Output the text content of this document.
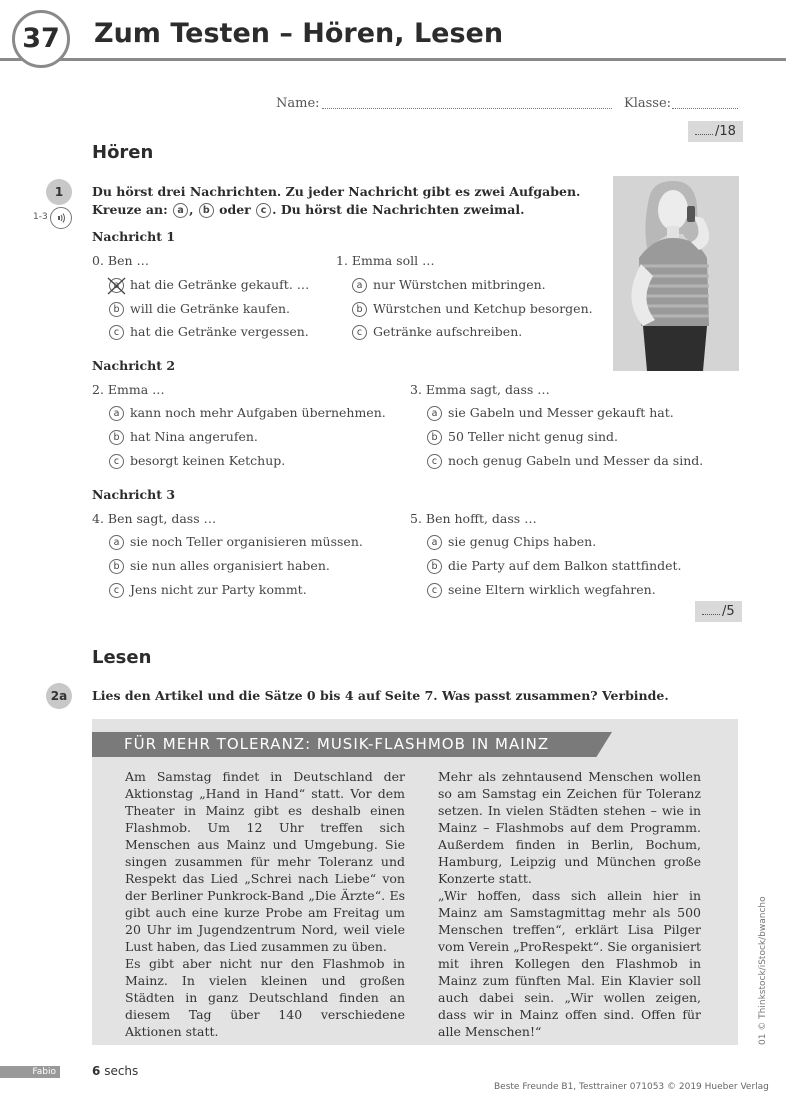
37	Zum Testen – Hören, Lesen
Name:	Klasse:
/18
Hören
1
1-3
Du hörst drei Nachrichten. Zu jeder Nachricht gibt es zwei Aufgaben.
Kreuze an: a , b oder c . Du hörst die Nachrichten zweimal.
Nachricht 1
0. Ben …
a hat die Getränke gekauft. …
b will die Getränke kaufen.
c hat die Getränke vergessen.
1. Emma soll …
a nur Würstchen mitbringen.
b Würstchen und Ketchup besorgen.
c Getränke aufschreiben.
Nachricht 2
2. Emma …
a kann noch mehr Aufgaben übernehmen.
b hat Nina angerufen.
c besorgt keinen Ketchup.
3. Emma sagt, dass …
a sie Gabeln und Messer gekauft hat.
b 50 Teller nicht genug sind.
c noch genug Gabeln und Messer da sind.
Nachricht 3
4. Ben sagt, dass …
a sie noch Teller organisieren müssen.
b sie nun alles organisiert haben.
c Jens nicht zur Party kommt.
5. Ben hofft, dass …
a sie genug Chips haben.
b die Party auf dem Balkon stattfindet.
c seine Eltern wirklich wegfahren.
/5
Lesen
2a	Lies den Artikel und die Sätze 0 bis 4 auf Seite 7. Was passt zusammen? Verbinde.
FÜR MEHR TOLERANZ: MUSIK-FLASHMOB IN MAINZ

Am Samstag findet in Deutschland der Aktionstag „Hand in Hand“ statt. Vor dem Theater in Mainz gibt es deshalb einen Flashmob. Um 12 Uhr treffen sich Menschen aus Mainz und Umgebung. Sie singen zusammen für mehr Toleranz und Respekt das Lied „Schrei nach Liebe“ von der Berliner Punkrock-Band „Die Ärzte“. Es gibt auch eine kurze Probe am Freitag um 20 Uhr im Jugendzentrum Nord, weil viele Lust haben, das Lied zusammen zu üben.

Es gibt aber nicht nur den Flashmob in Mainz. In vielen kleinen und großen Städten in ganz Deutschland finden an diesem Tag über 140 verschiedene Aktionen statt.

Mehr als zehntausend Menschen wollen so am Samstag ein Zeichen für Toleranz setzen. In vielen Städten stehen – wie in Mainz – Flashmobs auf dem Programm. Außerdem finden in Berlin, Bochum, Hamburg, Leipzig und München große Konzerte statt.

„Wir hoffen, dass sich allein hier in Mainz am Samstagmittag mehr als 500 Menschen treffen“, erklärt Lisa Pilger vom Verein „ProRespekt“. Sie organisiert mit ihren Kollegen den Flashmob in Mainz zum fünften Mal. Ein Klavier soll auch dabei sein. „Wir wollen zeigen, dass wir in Mainz offen sind. Offen für alle Menschen!“	01 © Thinkstock/iStock/bwancho
Fabio	6 sechs
Beste Freunde B1, Testtrainer 071053 © 2019 Hueber Verlag
